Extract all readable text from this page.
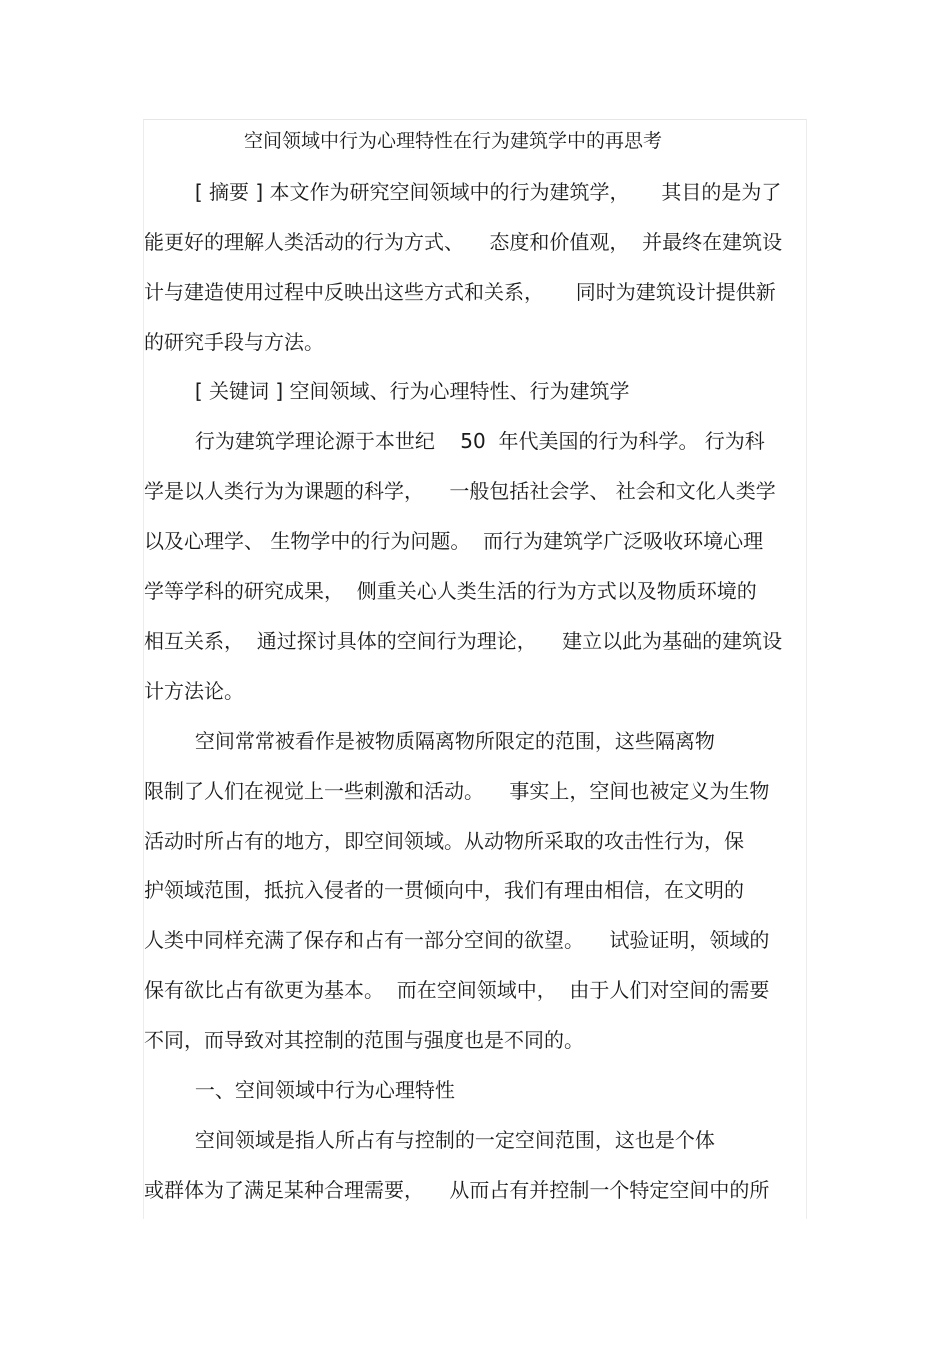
空间领域中行为心理特性在行为建筑学中的再思考
[ 摘要 ] 本文作为研究空间领域中的行为建筑学，     其目的是为了
能更好的理解人类活动的行为方式、    态度和价值观，  并最终在建筑设
计与建造使用过程中反映出这些方式和关系，     同时为建筑设计提供新
的研究手段与方法。
[ 关键词 ] 空间领域、行为心理特性、行为建筑学
行为建筑学理论源于本世纪    50  年代美国的行为科学。 行为科
学是以人类行为为课题的科学，    一般包括社会学、 社会和文化人类学
以及心理学、 生物学中的行为问题。  而行为建筑学广泛吸收环境心理
学等学科的研究成果，  侧重关心人类生活的行为方式以及物质环境的
相互关系，  通过探讨具体的空间行为理论，    建立以此为基础的建筑设
计方法论。
空间常常被看作是被物质隔离物所限定的范围，这些隔离物
限制了人们在视觉上一些刺激和活动。    事实上，空间也被定义为生物
活动时所占有的地方，即空间领域。从动物所采取的攻击性行为，保
护领域范围，抵抗入侵者的一贯倾向中，我们有理由相信，在文明的
人类中同样充满了保存和占有一部分空间的欲望。    试验证明，领域的
保有欲比占有欲更为基本。  而在空间领域中，  由于人们对空间的需要
不同，而导致对其控制的范围与强度也是不同的。
一、空间领域中行为心理特性
空间领域是指人所占有与控制的一定空间范围，这也是个体
或群体为了满足某种合理需要，    从而占有并控制一个特定空间中的所
